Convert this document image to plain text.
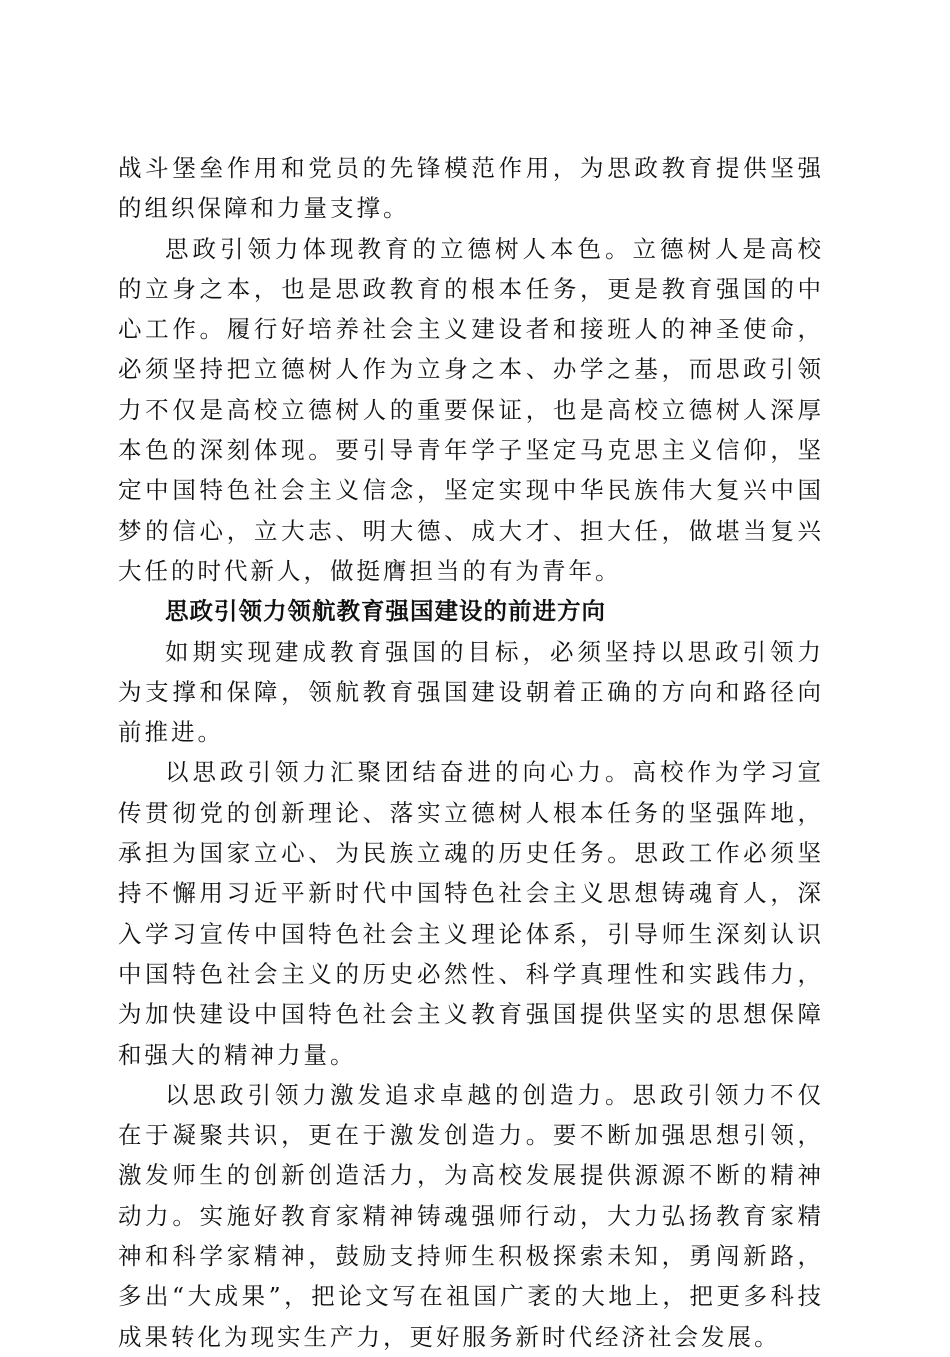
战斗堡垒作用和党员的先锋模范作用，为思政教育提供坚强的组织保障和力量支撑。

思政引领力体现教育的立德树人本色。立德树人是高校的立身之本，也是思政教育的根本任务，更是教育强国的中心工作。履行好培养社会主义建设者和接班人的神圣使命，必须坚持把立德树人作为立身之本、办学之基，而思政引领力不仅是高校立德树人的重要保证，也是高校立德树人深厚本色的深刻体现。要引导青年学子坚定马克思主义信仰，坚定中国特色社会主义信念，坚定实现中华民族伟大复兴中国梦的信心，立大志、明大德、成大才、担大任，做堪当复兴大任的时代新人，做挺膺担当的有为青年。

思政引领力领航教育强国建设的前进方向

如期实现建成教育强国的目标，必须坚持以思政引领力为支撑和保障，领航教育强国建设朝着正确的方向和路径向前推进。

以思政引领力汇聚团结奋进的向心力。高校作为学习宣传贯彻党的创新理论、落实立德树人根本任务的坚强阵地，承担为国家立心、为民族立魂的历史任务。思政工作必须坚持不懈用习近平新时代中国特色社会主义思想铸魂育人，深入学习宣传中国特色社会主义理论体系，引导师生深刻认识中国特色社会主义的历史必然性、科学真理性和实践伟力，为加快建设中国特色社会主义教育强国提供坚实的思想保障和强大的精神力量。

以思政引领力激发追求卓越的创造力。思政引领力不仅在于凝聚共识，更在于激发创造力。要不断加强思想引领，激发师生的创新创造活力，为高校发展提供源源不断的精神动力。实施好教育家精神铸魂强师行动，大力弘扬教育家精神和科学家精神，鼓励支持师生积极探索未知，勇闯新路，多出“大成果”，把论文写在祖国广袤的大地上，把更多科技成果转化为现实生产力，更好服务新时代经济社会发展。
